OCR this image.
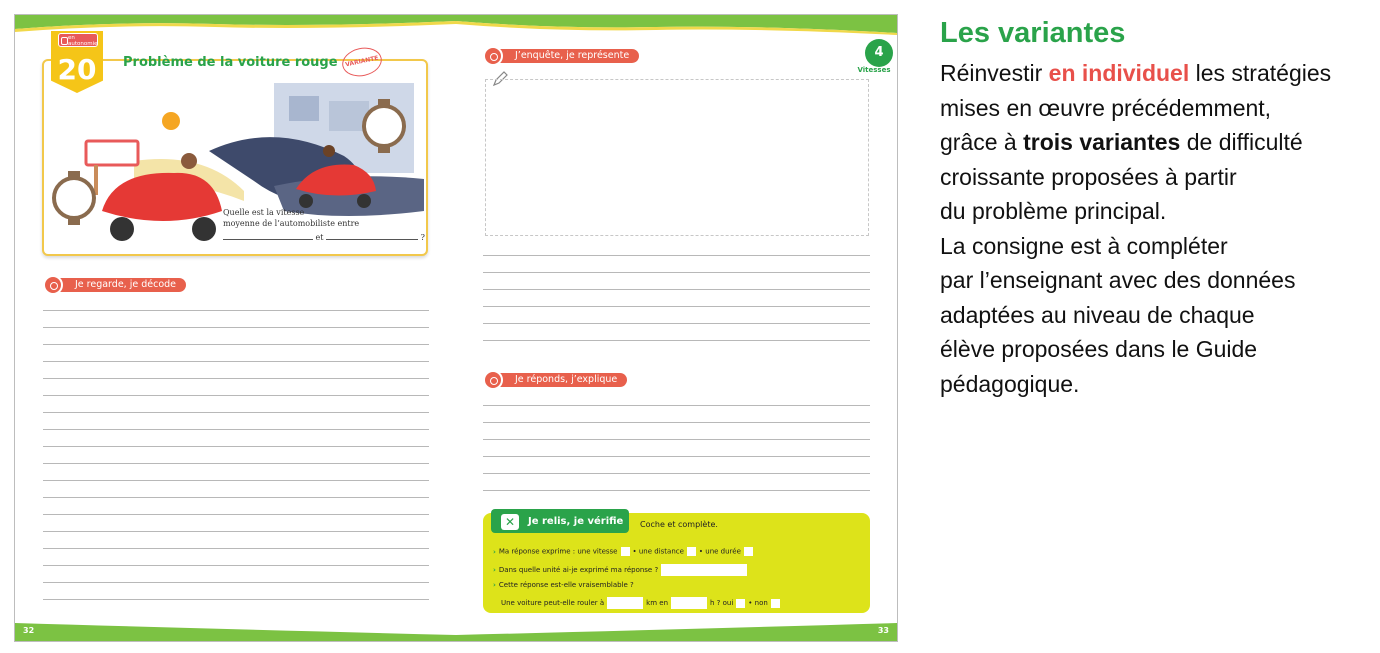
32	33
20
en autonomie
Problème de la voiture rouge	VARIANTE
Quelle est la vitesse
moyenne de l’automobiliste entre
et	?
Je regarde, je décode
4
Vitesses
J’enquête, je représente
Je réponds, j’explique
✕	Je relis, je vérifie Coche et complète.
› Ma réponse exprime : une vitesse • une distance • une durée
› Dans quelle unité ai-je exprimé ma réponse ?
› Cette réponse est-elle vraisemblable ?
Une voiture peut-elle rouler à	km en	h ? oui • non
Les variantes

Réinvestir en individuel les stratégies

mises en œuvre précédemment,

grâce à trois variantes de difficulté

croissante proposées à partir

du problème principal.

La consigne est à compléter

par l’enseignant avec des données

adaptées au niveau de chaque

élève proposées dans le Guide

pédagogique.
